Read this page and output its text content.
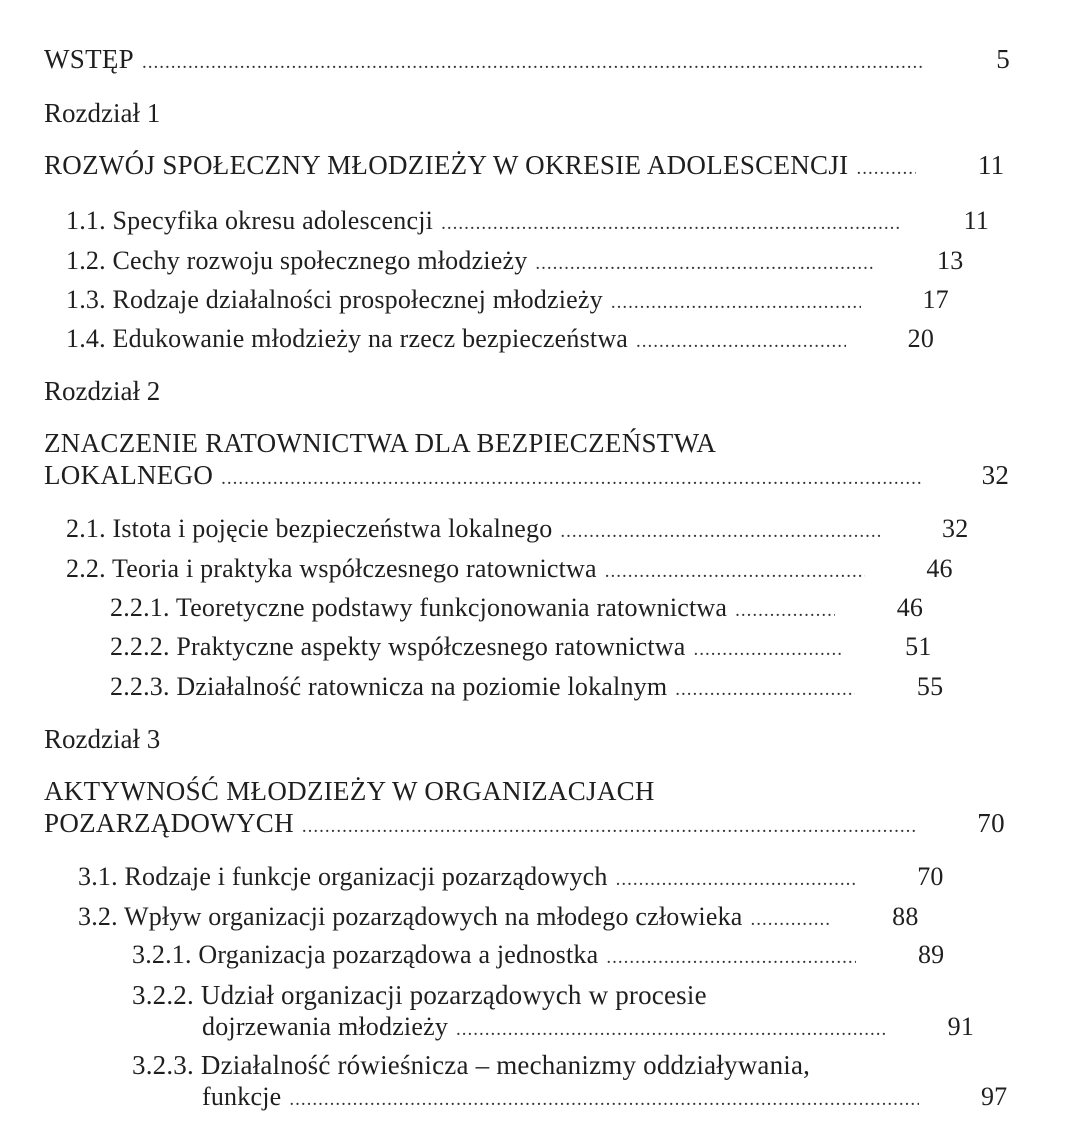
WSTĘP .....	5
Rozdział 1
ROZWÓJ SPOŁECZNY MŁODZIEŻY W OKRESIE ADOLESCENCJI .....	11
1.1. Specyfika okresu adolescencji .....	11
1.2. Cechy rozwoju społecznego młodzieży .....	13
1.3. Rodzaje działalności prospołecznej młodzieży .....	17
1.4. Edukowanie młodzieży na rzecz bezpieczeństwa .....	20
Rozdział 2
ZNACZENIE RATOWNICTWA DLA BEZPIECZEŃSTWA
LOKALNEGO .....	32
2.1. Istota i pojęcie bezpieczeństwa lokalnego .....	32
2.2. Teoria i praktyka współczesnego ratownictwa .....	46
2.2.1. Teoretyczne podstawy funkcjonowania ratownictwa .....	46
2.2.2. Praktyczne aspekty współczesnego ratownictwa .....	51
2.2.3. Działalność ratownicza na poziomie lokalnym .....	55
Rozdział 3
AKTYWNOŚĆ MŁODZIEŻY W ORGANIZACJACH
POZARZĄDOWYCH .....	70
3.1. Rodzaje i funkcje organizacji pozarządowych .....	70
3.2. Wpływ organizacji pozarządowych na młodego człowieka .....	88
3.2.1. Organizacja pozarządowa a jednostka .....	89
3.2.2. Udział organizacji pozarządowych w procesie
dojrzewania młodzieży .....	91
3.2.3. Działalność rówieśnicza – mechanizmy oddziaływania,
funkcje .....	97
